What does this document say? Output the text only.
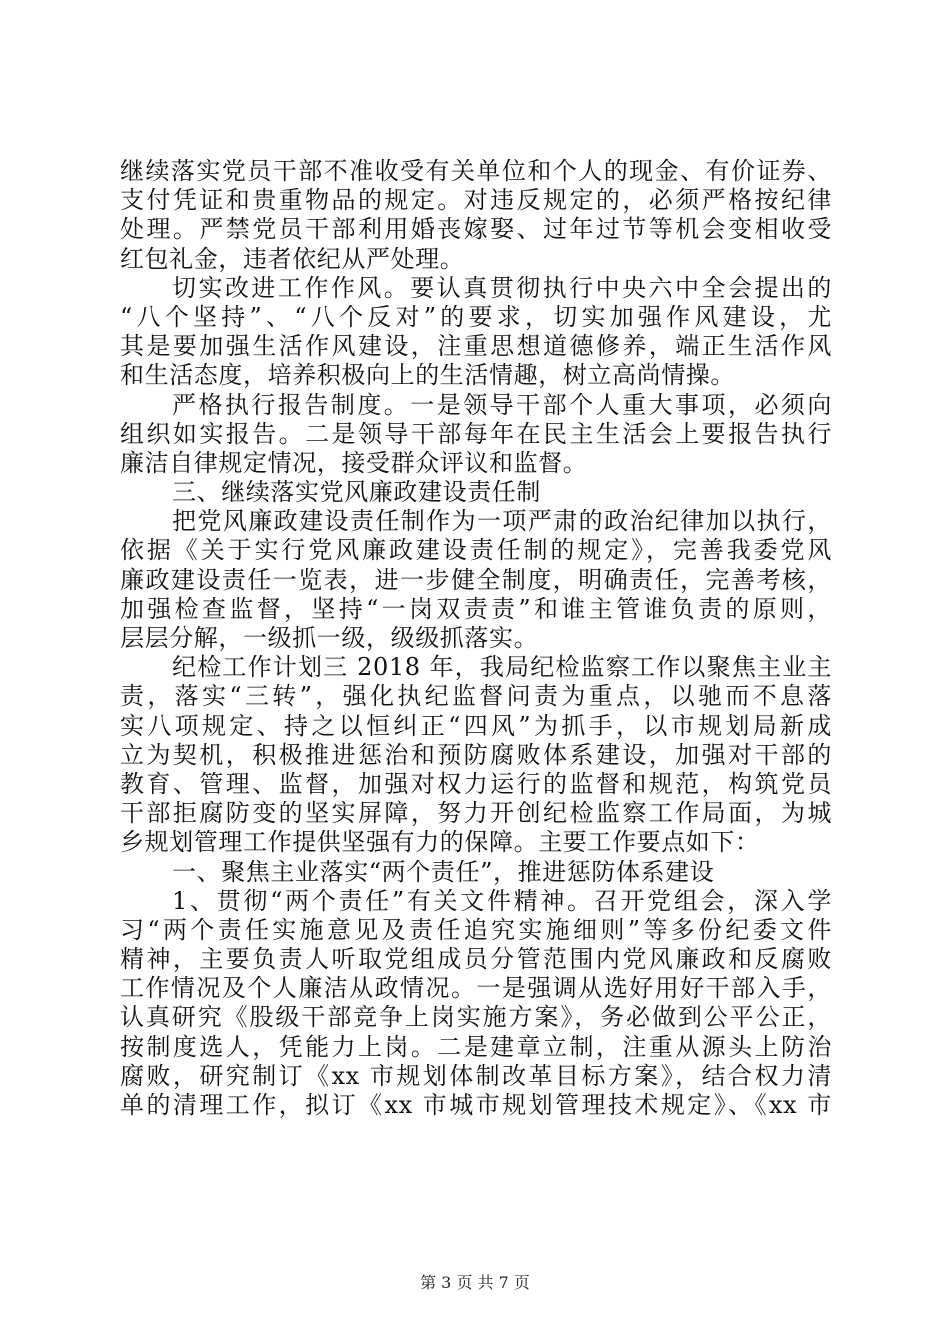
继续落实党员干部不准收受有关单位和个人的现金、有价证券、
支付凭证和贵重物品的规定。对违反规定的，必须严格按纪律
处理。严禁党员干部利用婚丧嫁娶、过年过节等机会变相收受
红包礼金，违者依纪从严处理。
切实改进工作作风。要认真贯彻执行中央六中全会提出的
“八个坚持”、“八个反对”的要求，切实加强作风建设，尤
其是要加强生活作风建设，注重思想道德修养，端正生活作风
和生活态度，培养积极向上的生活情趣，树立高尚情操。
严格执行报告制度。一是领导干部个人重大事项，必须向
组织如实报告。二是领导干部每年在民主生活会上要报告执行
廉洁自律规定情况，接受群众评议和监督。
三、继续落实党风廉政建设责任制
把党风廉政建设责任制作为一项严肃的政治纪律加以执行，
依据《关于实行党风廉政建设责任制的规定》，完善我委党风
廉政建设责任一览表，进一步健全制度，明确责任，完善考核，
加强检查监督，坚持“一岗双责责”和谁主管谁负责的原则，
层层分解，一级抓一级，级级抓落实。
纪检工作计划三 2018 年，我局纪检监察工作以聚焦主业主
责，落实“三转”，强化执纪监督问责为重点，以驰而不息落
实八项规定、持之以恒纠正“四风”为抓手，以市规划局新成
立为契机，积极推进惩治和预防腐败体系建设，加强对干部的
教育、管理、监督，加强对权力运行的监督和规范，构筑党员
干部拒腐防变的坚实屏障，努力开创纪检监察工作局面，为城
乡规划管理工作提供坚强有力的保障。主要工作要点如下：
一、聚焦主业落实“两个责任”，推进惩防体系建设
1、贯彻“两个责任”有关文件精神。召开党组会，深入学
习“两个责任实施意见及责任追究实施细则”等多份纪委文件
精神，主要负责人听取党组成员分管范围内党风廉政和反腐败
工作情况及个人廉洁从政情况。一是强调从选好用好干部入手，
认真研究《股级干部竞争上岗实施方案》，务必做到公平公正，
按制度选人，凭能力上岗。二是建章立制，注重从源头上防治
腐败，研究制订《xx 市规划体制改革目标方案》，结合权力清
单的清理工作，拟订《xx 市城市规划管理技术规定》、《xx 市
第 3 页 共 7 页
